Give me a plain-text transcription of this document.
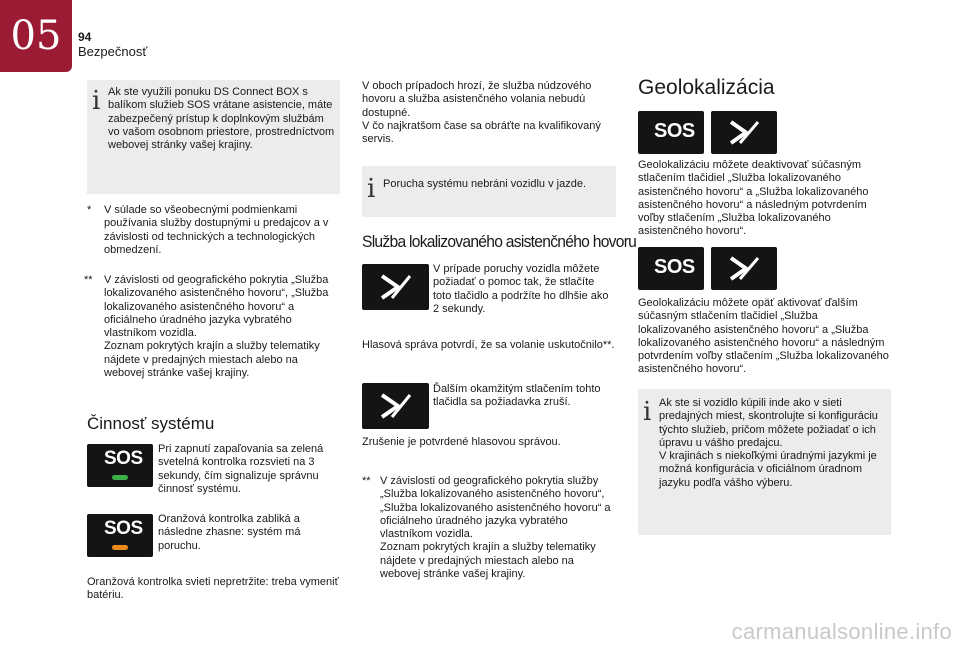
05	94
Bezpečnosť
i Ak ste využili ponuku DS Connect BOX s balíkom služieb SOS vrátane asistencie, máte zabezpečený prístup k doplnkovým službám vo vašom osobnom priestore, prostredníctvom webovej stránky vašej krajiny.
* V súlade so všeobecnými podmienkami používania služby dostupnými u predajcov a v závislosti od technických a technologických obmedzení.
** V závislosti od geografického pokrytia „Služba lokalizovaného asistenčného hovoru“, „Služba lokalizovaného asistenčného hovoru“ a oficiálneho úradného jazyka vybratého vlastníkom vozidla.

Zoznam pokrytých krajín a služby telematiky nájdete v predajných miestach alebo na webovej stránke vašej krajiny.

Činnosť systému
SOS Pri zapnutí zapaľovania sa zelená svetelná kontrolka rozsvieti na 3 sekundy, čím signalizuje správnu činnosť systému.
SOS Oranžová kontrolka zabliká a následne zhasne: systém má poruchu.
Oranžová kontrolka svieti nepretržite: treba vymeniť batériu.

V oboch prípadoch hrozí, že služba núdzového hovoru a služba asistenčného volania nebudú dostupné.

V čo najkratšom čase sa obráťte na kvalifikovaný servis.

i Porucha systému nebráni vozidlu v jazde.
Služba lokalizovaného asistenčného hovoru
V prípade poruchy vozidla môžete požiadať o pomoc tak, že stlačíte toto tlačidlo a podržíte ho dlhšie ako 2 sekundy.
Hlasová správa potvrdí, že sa volanie uskutočnilo**.
Ďalším okamžitým stlačením tohto tlačidla sa požiadavka zruší.
Zrušenie je potvrdené hlasovou správou.
** V závislosti od geografického pokrytia služby „Služba lokalizovaného asistenčného hovoru“, „Služba lokalizovaného asistenčného hovoru“ a oficiálneho úradného jazyka vybratého vlastníkom vozidla.

Zoznam pokrytých krajín a služby telematiky nájdete v predajných miestach alebo na webovej stránke vašej krajiny.

Geolokalizácia
SOS
Geolokalizáciu môžete deaktivovať súčasným stlačením tlačidiel „Služba lokalizovaného asistenčného hovoru“ a „Služba lokalizovaného asistenčného hovoru“ a následným potvrdením voľby stlačením „Služba lokalizovaného asistenčného hovoru“.
SOS
Geolokalizáciu môžete opäť aktivovať ďalším súčasným stlačením tlačidiel „Služba lokalizovaného asistenčného hovoru“ a „Služba lokalizovaného asistenčného hovoru“ a následným potvrdením voľby stlačením „Služba lokalizovaného asistenčného hovoru“.
i Ak ste si vozidlo kúpili inde ako v sieti predajných miest, skontrolujte si konfiguráciu týchto služieb, pričom môžete požiadať o ich úpravu u vášho predajcu.

V krajinách s niekoľkými úradnými jazykmi je možná konfigurácia v oficiálnom úradnom jazyku podľa vášho výberu.

carmanualsonline.info
